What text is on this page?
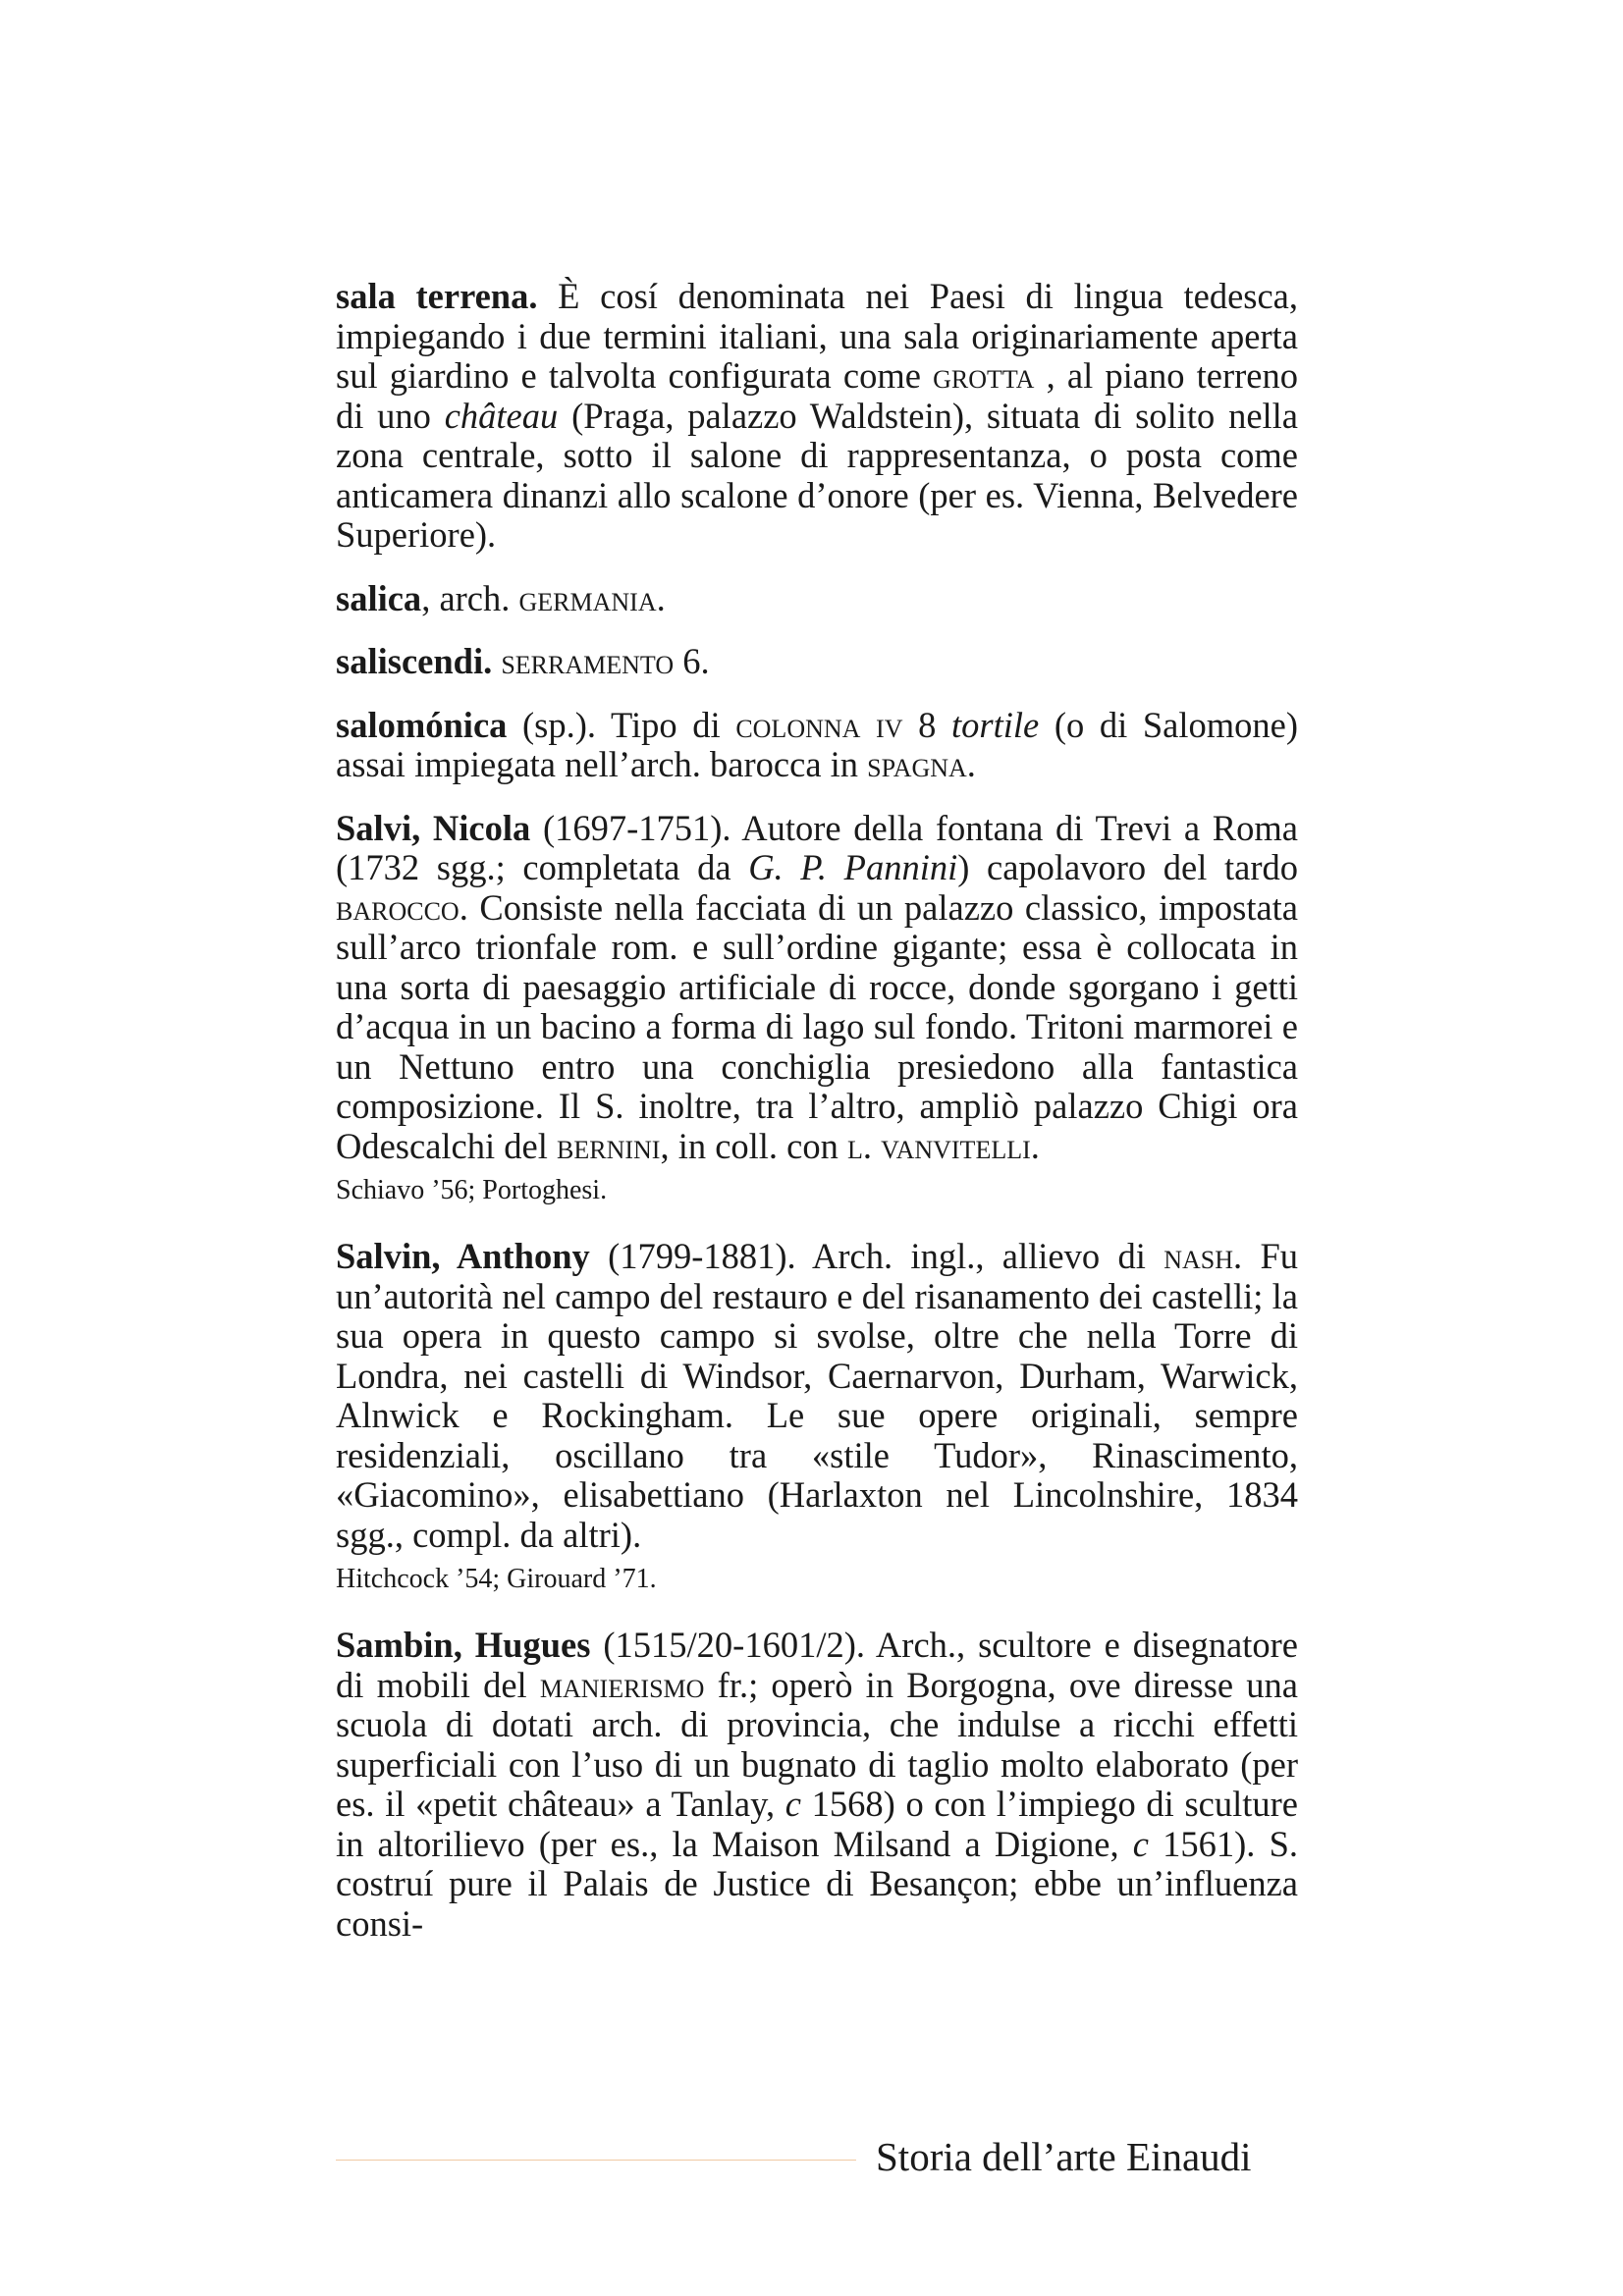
sala terrena. È cosí denominata nei Paesi di lingua tedesca, impiegando i due termini italiani, una sala originariamente aperta sul giardino e talvolta configurata come grotta , al piano terreno di uno château (Praga, palazzo Waldstein), situata di solito nella zona centrale, sotto il salone di rappresentanza, o posta come anticamera dinanzi allo scalone d’onore (per es. Vienna, Belvedere Superiore).

salica, arch. germania.

saliscendi. serramento 6.

salomónica (sp.). Tipo di colonna iv 8 tortile (o di Salomone) assai impiegata nell’arch. barocca in spagna.

Salvi, Nicola (1697-1751). Autore della fontana di Trevi a Roma (1732 sgg.; completata da G. P. Pannini) capolavoro del tardo barocco. Consiste nella facciata di un palazzo classico, impostata sull’arco trionfale rom. e sull’ordine gigante; essa è collocata in una sorta di paesaggio artificiale di rocce, donde sgorgano i getti d’acqua in un bacino a forma di lago sul fondo. Tritoni marmorei e un Nettuno entro una conchiglia presiedono alla fantastica composizione. Il S. inoltre, tra l’altro, ampliò palazzo Chigi ora Odescalchi del bernini, in coll. con l. vanvitelli.

Schiavo ’56; Portoghesi.

Salvin, Anthony (1799-1881). Arch. ingl., allievo di nash. Fu un’autorità nel campo del restauro e del risanamento dei castelli; la sua opera in questo campo si svolse, oltre che nella Torre di Londra, nei castelli di Windsor, Caernarvon, Durham, Warwick, Alnwick e Rockingham. Le sue opere originali, sempre residenziali, oscillano tra «stile Tudor», Rinascimento, «Giacomino», elisabettiano (Harlaxton nel Lincolnshire, 1834 sgg., compl. da altri).

Hitchcock ’54; Girouard ’71.

Sambin, Hugues (1515/20-1601/2). Arch., scultore e disegnatore di mobili del manierismo fr.; operò in Borgogna, ove diresse una scuola di dotati arch. di provincia, che indulse a ricchi effetti superficiali con l’uso di un bugnato di taglio molto elaborato (per es. il «petit château» a Tanlay, c 1568) o con l’impiego di sculture in altorilievo (per es., la Maison Milsand a Digione, c 1561). S. costruí pure il Palais de Justice di Besançon; ebbe un’influenza consi-

Storia dell’arte Einaudi
